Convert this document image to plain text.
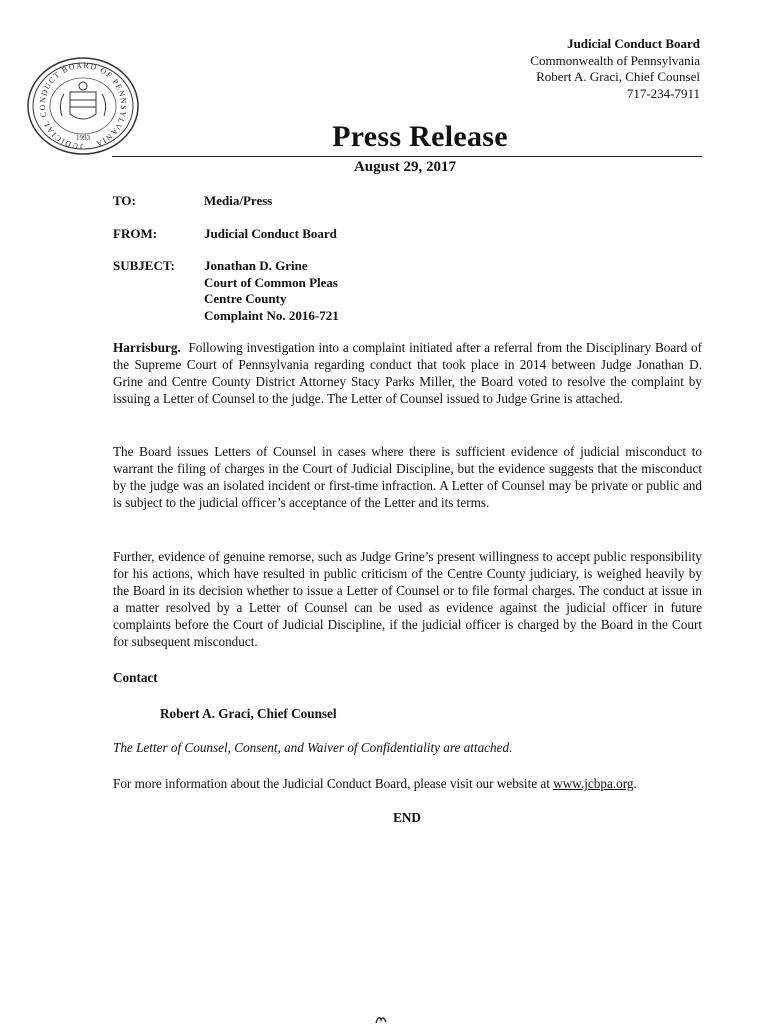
JUDICIAL CONDUCT BOARD OF PENNSYLVANIA
1993
Judicial Conduct Board
Commonwealth of Pennsylvania
Robert A. Graci, Chief Counsel
717-234-7911
Press Release
August 29, 2017
TO:	Media/Press
FROM:	Judicial Conduct Board
SUBJECT: Jonathan D. Grine
Court of Common Pleas
Centre County
Complaint No. 2016-721
Harrisburg. Following investigation into a complaint initiated after a referral from the Disciplinary Board of the Supreme Court of Pennsylvania regarding conduct that took place in 2014 between Judge Jonathan D. Grine and Centre County District Attorney Stacy Parks Miller, the Board voted to resolve the complaint by issuing a Letter of Counsel to the judge. The Letter of Counsel issued to Judge Grine is attached.
The Board issues Letters of Counsel in cases where there is sufficient evidence of judicial misconduct to warrant the filing of charges in the Court of Judicial Discipline, but the evidence suggests that the misconduct by the judge was an isolated incident or first-time infraction. A Letter of Counsel may be private or public and is subject to the judicial officer’s acceptance of the Letter and its terms.
Further, evidence of genuine remorse, such as Judge Grine’s present willingness to accept public responsibility for his actions, which have resulted in public criticism of the Centre County judiciary, is weighed heavily by the Board in its decision whether to issue a Letter of Counsel or to file formal charges. The conduct at issue in a matter resolved by a Letter of Counsel can be used as evidence against the judicial officer in future complaints before the Court of Judicial Discipline, if the judicial officer is charged by the Board in the Court for subsequent misconduct.
Contact
Robert A. Graci, Chief Counsel
The Letter of Counsel, Consent, and Waiver of Confidentiality are attached.
For more information about the Judicial Conduct Board, please visit our website at www.jcbpa.org.
END
